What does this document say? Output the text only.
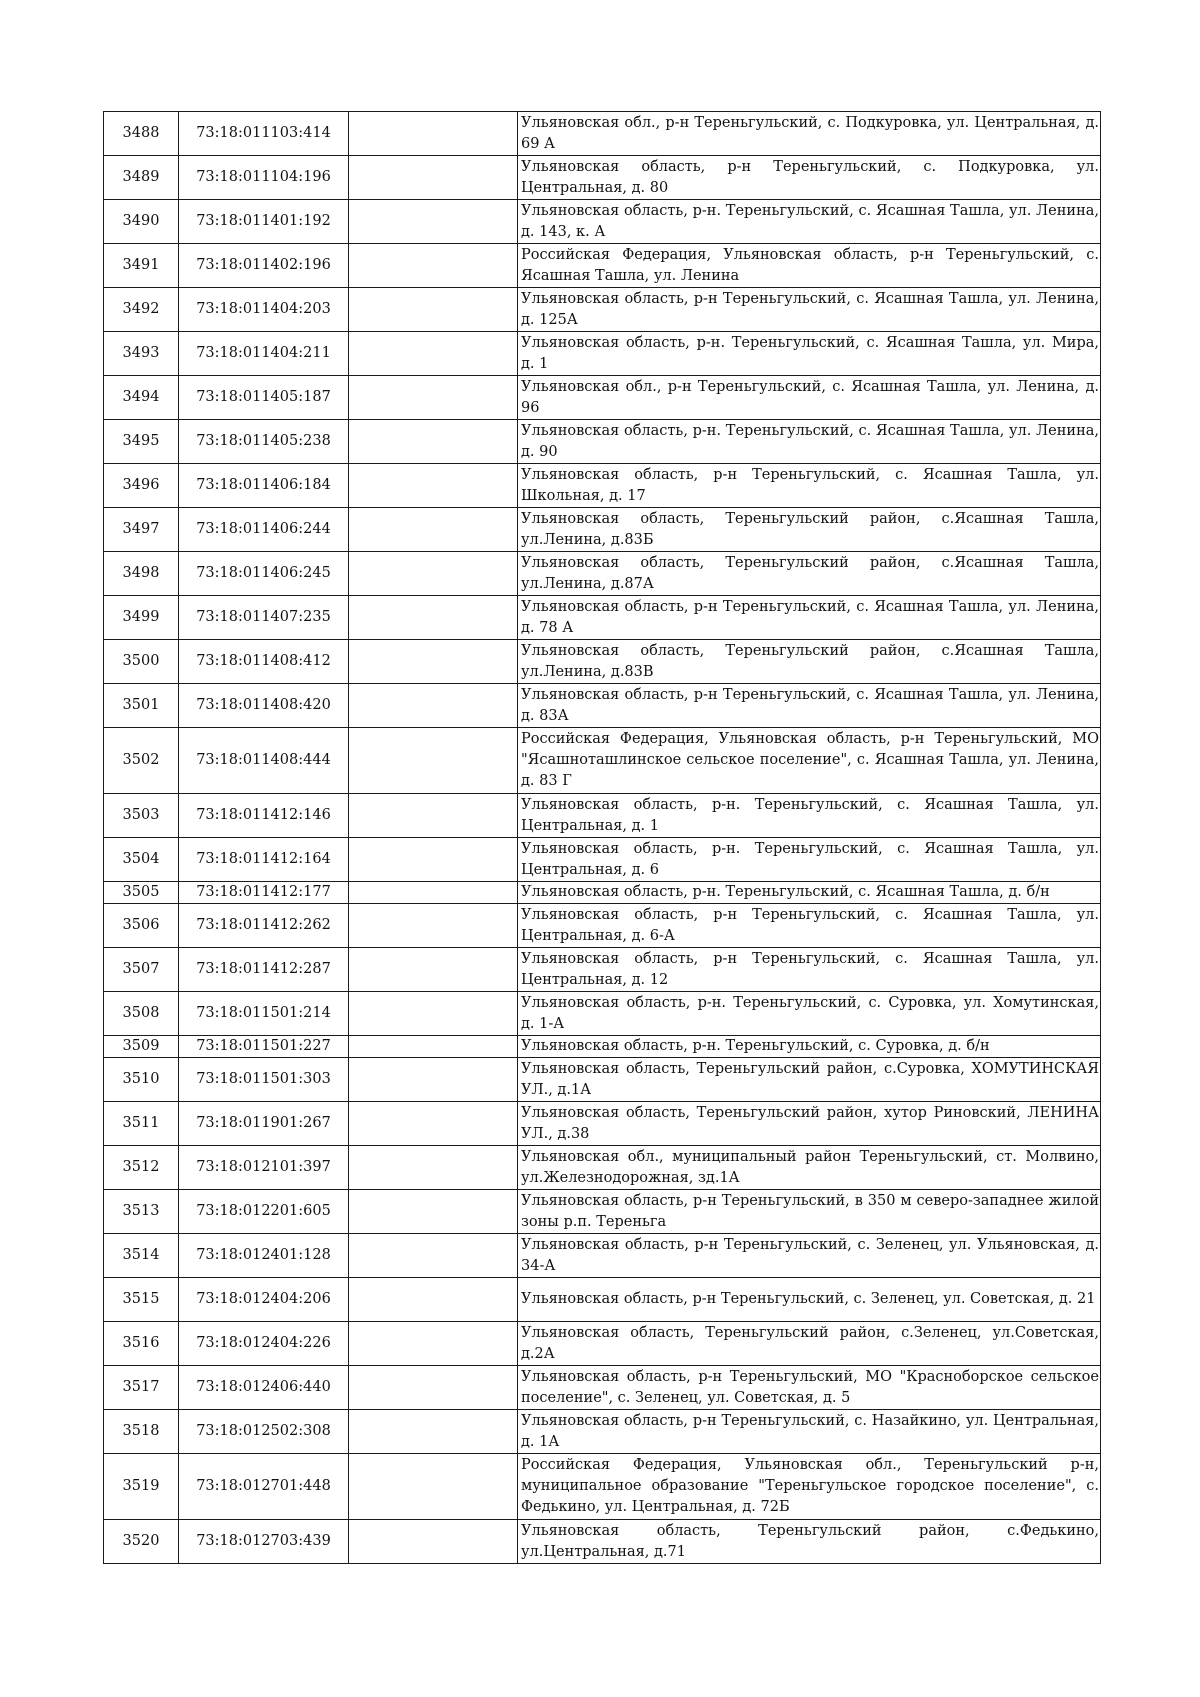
3488	73:18:011103:414		Ульяновская обл., р-н Тереньгульский, с. Подкуровка, ул. Центральная, д. 69 А

3489	73:18:011104:196		Ульяновская область, р-н Тереньгульский, с. Подкуровка, ул. Центральная, д. 80

3490	73:18:011401:192		Ульяновская область, р-н. Тереньгульский, с. Ясашная Ташла, ул. Ленина, д. 143, к. А

3491	73:18:011402:196		Российская Федерация, Ульяновская область, р-н Тереньгульский, с. Ясашная Ташла, ул. Ленина

3492	73:18:011404:203		Ульяновская область, р-н Тереньгульский, с. Ясашная Ташла, ул. Ленина, д. 125А

3493	73:18:011404:211		Ульяновская область, р-н. Тереньгульский, с. Ясашная Ташла, ул. Мира, д. 1

3494	73:18:011405:187		Ульяновская обл., р-н Тереньгульский, с. Ясашная Ташла, ул. Ленина, д. 96

3495	73:18:011405:238		Ульяновская область, р-н. Тереньгульский, с. Ясашная Ташла, ул. Ленина, д. 90

3496	73:18:011406:184		Ульяновская область, р-н Тереньгульский, с. Ясашная Ташла, ул. Школьная, д. 17

3497	73:18:011406:244		Ульяновская область, Тереньгульский район, с.Ясашная Ташла, ул.Ленина, д.83Б

3498	73:18:011406:245		Ульяновская область, Тереньгульский район, с.Ясашная Ташла, ул.Ленина, д.87А

3499	73:18:011407:235		Ульяновская область, р-н Тереньгульский, с. Ясашная Ташла, ул. Ленина, д. 78 А

3500	73:18:011408:412		Ульяновская область, Тереньгульский район, с.Ясашная Ташла, ул.Ленина, д.83В

3501	73:18:011408:420		Ульяновская область, р-н Тереньгульский, с. Ясашная Ташла, ул. Ленина, д. 83А

3502	73:18:011408:444		Российская Федерация, Ульяновская область, р-н Тереньгульский, МО "Ясашноташлинское сельское поселение", с. Ясашная Ташла, ул. Ленина, д. 83 Г

3503	73:18:011412:146		Ульяновская область, р-н. Тереньгульский, с. Ясашная Ташла, ул. Центральная, д. 1

3504	73:18:011412:164		Ульяновская область, р-н. Тереньгульский, с. Ясашная Ташла, ул. Центральная, д. 6

3505	73:18:011412:177		Ульяновская область, р-н. Тереньгульский, с. Ясашная Ташла, д. б/н

3506	73:18:011412:262		Ульяновская область, р-н Тереньгульский, с. Ясашная Ташла, ул. Центральная, д. 6-А

3507	73:18:011412:287		Ульяновская область, р-н Тереньгульский, с. Ясашная Ташла, ул. Центральная, д. 12

3508	73:18:011501:214		Ульяновская область, р-н. Тереньгульский, с. Суровка, ул. Хомутинская, д. 1-А

3509	73:18:011501:227		Ульяновская область, р-н. Тереньгульский, с. Суровка, д. б/н

3510	73:18:011501:303		Ульяновская область, Тереньгульский район, с.Суровка, ХОМУТИНСКАЯ УЛ., д.1А

3511	73:18:011901:267		Ульяновская область, Тереньгульский район, хутор Риновский, ЛЕНИНА УЛ., д.38

3512	73:18:012101:397		Ульяновская обл., муниципальный район Тереньгульский, ст. Молвино, ул.Железнодорожная, зд.1А

3513	73:18:012201:605		Ульяновская область, р-н Тереньгульский, в 350 м северо-западнее жилой зоны р.п. Тереньга

3514	73:18:012401:128		Ульяновская область, р-н Тереньгульский, с. Зеленец, ул. Ульяновская, д. 34-А

3515	73:18:012404:206		Ульяновская область, р-н Тереньгульский, с. Зеленец, ул. Советская, д. 21

3516	73:18:012404:226		Ульяновская область, Тереньгульский район, с.Зеленец, ул.Советская, д.2А

3517	73:18:012406:440		Ульяновская область, р-н Тереньгульский, МО "Красноборское сельское поселение", с. Зеленец, ул. Советская, д. 5

3518	73:18:012502:308		Ульяновская область, р-н Тереньгульский, с. Назайкино, ул. Центральная, д. 1А

3519	73:18:012701:448		Российская Федерация, Ульяновская обл., Тереньгульский р-н, муниципальное образование "Тереньгульское городское поселение", с. Федькино, ул. Центральная, д. 72Б

3520	73:18:012703:439		Ульяновская область, Тереньгульский район, с.Федькино, ул.Центральная, д.71
